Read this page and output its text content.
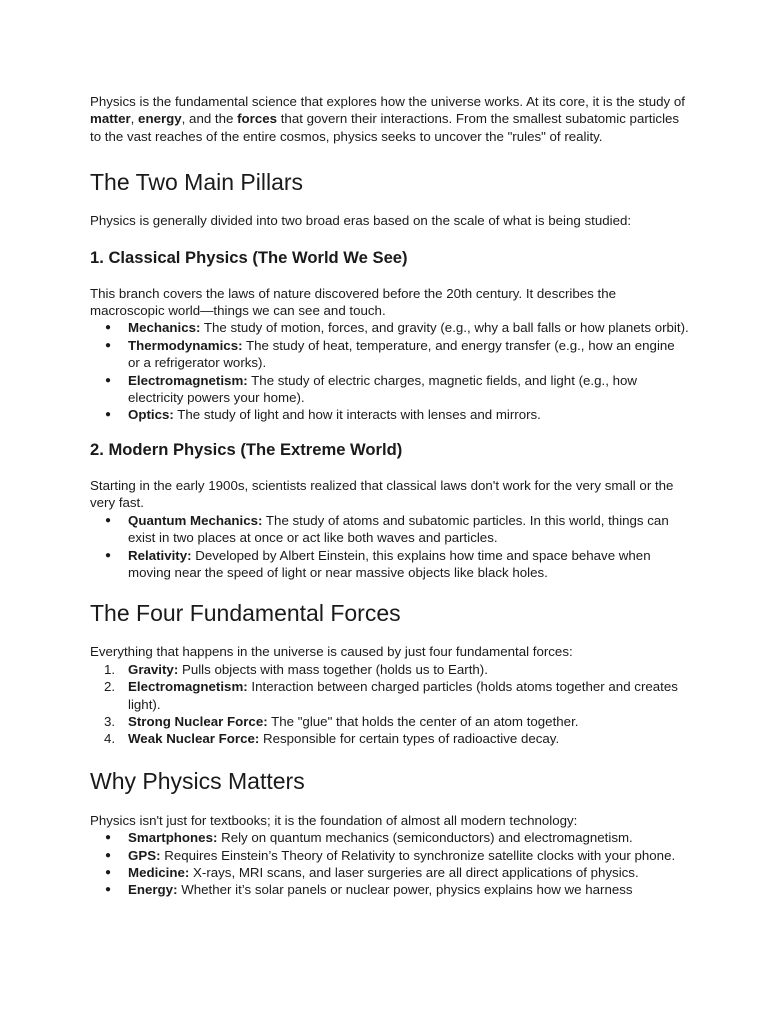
Physics is the fundamental science that explores how the universe works. At its core, it is the study of matter, energy, and the forces that govern their interactions. From the smallest subatomic particles to the vast reaches of the entire cosmos, physics seeks to uncover the "rules" of reality.

The Two Main Pillars

Physics is generally divided into two broad eras based on the scale of what is being studied:

1. Classical Physics (The World We See)

This branch covers the laws of nature discovered before the 20th century. It describes the macroscopic world—things we can see and touch.

● Mechanics: The study of motion, forces, and gravity (e.g., why a ball falls or how planets orbit).
● Thermodynamics: The study of heat, temperature, and energy transfer (e.g., how an engine or a refrigerator works).
● Electromagnetism: The study of electric charges, magnetic fields, and light (e.g., how electricity powers your home).
● Optics: The study of light and how it interacts with lenses and mirrors.
2. Modern Physics (The Extreme World)

Starting in the early 1900s, scientists realized that classical laws don't work for the very small or the very fast.

● Quantum Mechanics: The study of atoms and subatomic particles. In this world, things can exist in two places at once or act like both waves and particles.
● Relativity: Developed by Albert Einstein, this explains how time and space behave when moving near the speed of light or near massive objects like black holes.
The Four Fundamental Forces

Everything that happens in the universe is caused by just four fundamental forces:

1. Gravity: Pulls objects with mass together (holds us to Earth).
2. Electromagnetism: Interaction between charged particles (holds atoms together and creates light).
3. Strong Nuclear Force: The "glue" that holds the center of an atom together.
4. Weak Nuclear Force: Responsible for certain types of radioactive decay.
Why Physics Matters

Physics isn't just for textbooks; it is the foundation of almost all modern technology:

● Smartphones: Rely on quantum mechanics (semiconductors) and electromagnetism.
● GPS: Requires Einstein’s Theory of Relativity to synchronize satellite clocks with your phone.
● Medicine: X-rays, MRI scans, and laser surgeries are all direct applications of physics.
● Energy: Whether it’s solar panels or nuclear power, physics explains how we harness
